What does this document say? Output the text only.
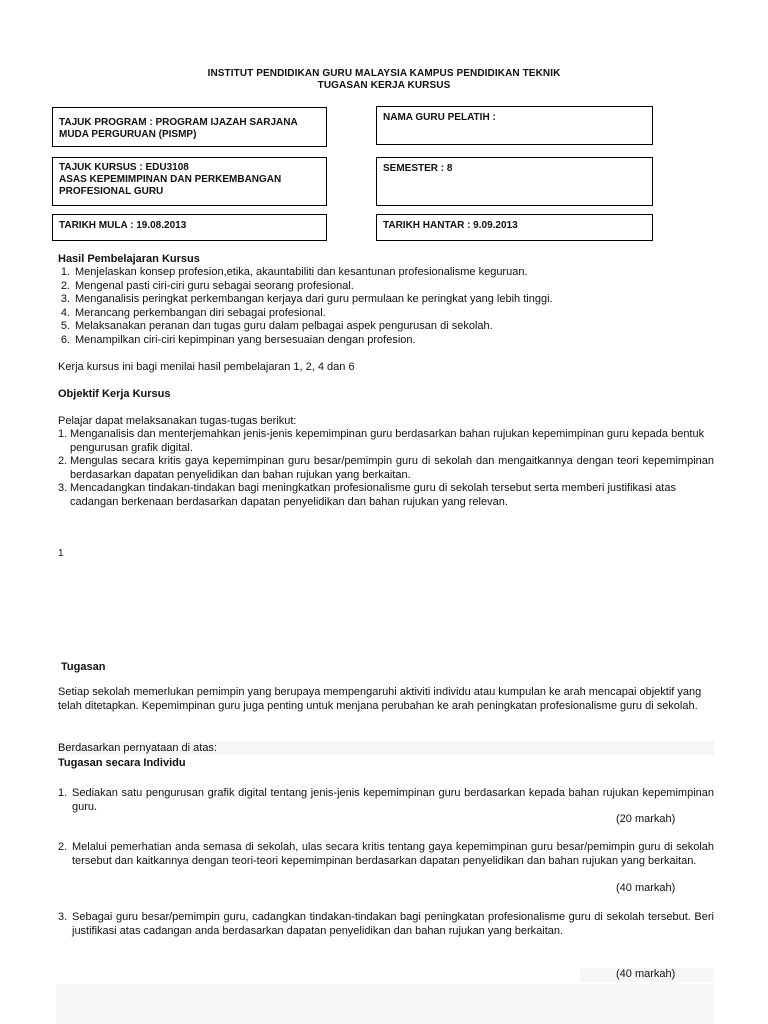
INSTITUT PENDIDIKAN GURU MALAYSIA KAMPUS PENDIDIKAN TEKNIK
TUGASAN KERJA KURSUS
TAJUK PROGRAM : PROGRAM IJAZAH SARJANA MUDA PERGURUAN (PISMP)
NAMA GURU PELATIH :
TAJUK KURSUS : EDU3108
ASAS KEPEMIMPINAN DAN PERKEMBANGAN PROFESIONAL GURU
SEMESTER : 8
TARIKH MULA : 19.08.2013	TARIKH HANTAR : 9.09.2013
Hasil Pembelajaran Kursus
1. Menjelaskan konsep profesion,etika, akauntabiliti dan kesantunan profesionalisme keguruan.
2. Mengenal pasti ciri-ciri guru sebagai seorang profesional.
3. Menganalisis peringkat perkembangan kerjaya dari guru permulaan ke peringkat yang lebih tinggi.
4. Merancang perkembangan diri sebagai profesional.
5. Melaksanakan peranan dan tugas guru dalam pelbagai aspek pengurusan di sekolah.
6. Menampilkan ciri-ciri kepimpinan yang bersesuaian dengan profesion.
Kerja kursus ini bagi menilai hasil pembelajaran 1, 2, 4 dan 6
Objektif Kerja Kursus
Pelajar dapat melaksanakan tugas-tugas berikut:
1. Menganalisis dan menterjemahkan jenis-jenis kepemimpinan guru berdasarkan bahan rujukan kepemimpinan guru kepada bentuk pengurusan grafik digital.
2. Mengulas secara kritis gaya kepemimpinan guru besar/pemimpin guru di sekolah dan mengaitkannya dengan teori kepemimpinan berdasarkan dapatan penyelidikan dan bahan rujukan yang berkaitan.
3. Mencadangkan tindakan-tindakan bagi meningkatkan profesionalisme guru di sekolah tersebut serta memberi justifikasi atas cadangan berkenaan berdasarkan dapatan penyelidikan dan bahan rujukan yang relevan.
1
Tugasan
Setiap sekolah memerlukan pemimpin yang berupaya mempengaruhi aktiviti individu atau kumpulan ke arah mencapai objektif yang telah ditetapkan. Kepemimpinan guru juga penting untuk menjana perubahan ke arah peningkatan profesionalisme guru di sekolah.
Berdasarkan pernyataan di atas:
Tugasan secara Individu
1. Sediakan satu pengurusan grafik digital tentang jenis-jenis kepemimpinan guru berdasarkan kepada bahan rujukan kepemimpinan guru.
(20 markah)
2. Melalui pemerhatian anda semasa di sekolah, ulas secara kritis tentang gaya kepemimpinan guru besar/pemimpin guru di sekolah tersebut dan kaitkannya dengan teori-teori kepemimpinan berdasarkan dapatan penyelidikan dan bahan rujukan yang berkaitan.
(40 markah)
3. Sebagai guru besar/pemimpin guru, cadangkan tindakan-tindakan bagi peningkatan profesionalisme guru di sekolah tersebut. Beri justifikasi atas cadangan anda berdasarkan dapatan penyelidikan dan bahan rujukan yang berkaitan.
(40 markah)
